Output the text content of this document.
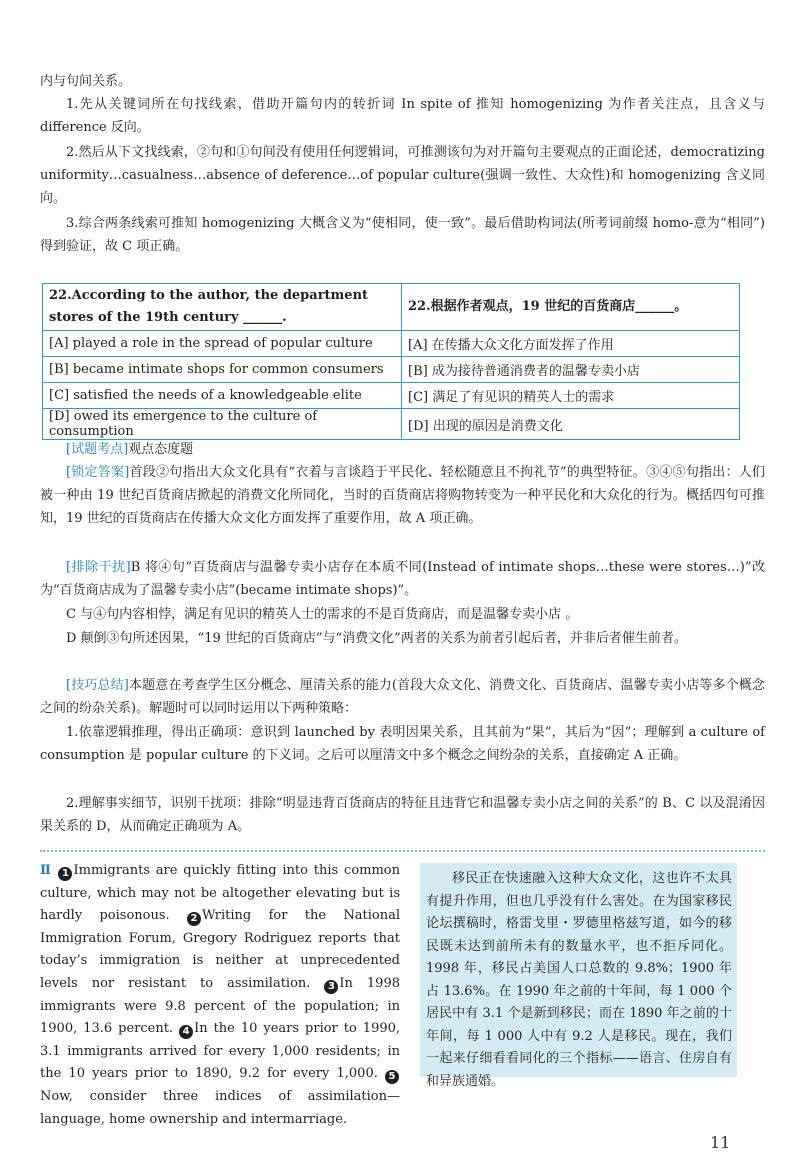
内与句间关系。

1.先从关键词所在句找线索，借助开篇句内的转折词 In spite of 推知 homogenizing 为作者关注点，且含义与 difference 反向。

2.然后从下文找线索，②句和①句间没有使用任何逻辑词，可推测该句为对开篇句主要观点的正面论述，democratizing uniformity…casualness…absence of deference…of popular culture(强调一致性、大众性)和 homogenizing 含义同向。

3.综合两条线索可推知 homogenizing 大概含义为“使相同，使一致”。最后借助构词法(所考词前缀 homo-意为“相同”)得到验证，故 C 项正确。

22.According to the author, the department stores of the 19th century ______.	22.根据作者观点，19 世纪的百货商店______。
[A] played a role in the spread of popular culture	[A] 在传播大众文化方面发挥了作用
[B] became intimate shops for common consumers	[B] 成为接待普通消费者的温馨专卖小店
[C] satisfied the needs of a knowledgeable elite	[C] 满足了有见识的精英人士的需求
[D] owed its emergence to the culture of consumption	[D] 出现的原因是消费文化

[试题考点]观点态度题

[锁定答案]首段②句指出大众文化具有“衣着与言谈趋于平民化、轻松随意且不拘礼节”的典型特征。③④⑤句指出：人们被一种由 19 世纪百货商店掀起的消费文化所同化，当时的百货商店将购物转变为一种平民化和大众化的行为。概括四句可推知，19 世纪的百货商店在传播大众文化方面发挥了重要作用，故 A 项正确。

[排除干扰]B 将④句“百货商店与温馨专卖小店存在本质不同(Instead of intimate shops…these were stores…)”改为“百货商店成为了温馨专卖小店”(became intimate shops)”。

C 与④句内容相悖，满足有见识的精英人士的需求的不是百货商店，而是温馨专卖小店 。

D 颠倒③句所述因果，“19 世纪的百货商店”与“消费文化”两者的关系为前者引起后者，并非后者催生前者。

[技巧总结]本题意在考查学生区分概念、厘清关系的能力(首段大众文化、消费文化、百货商店、温馨专卖小店等多个概念之间的纷杂关系)。解题时可以同时运用以下两种策略：

1.依靠逻辑推理，得出正确项：意识到 launched by 表明因果关系，且其前为“果”，其后为“因”；理解到 a culture of consumption 是 popular culture 的下义词。之后可以厘清文中多个概念之间纷杂的关系，直接确定 A 正确。

2.理解事实细节，识别干扰项：排除“明显违背百货商店的特征且违背它和温馨专卖小店之间的关系”的 B、C 以及混淆因果关系的 D，从而确定正确项为 A。

Ⅱ 1 Immigrants are quickly fitting into this common culture, which may not be altogether elevating but is hardly poisonous. 2 Writing for the National Immigration Forum, Gregory Rodriguez reports that today’s immigration is neither at unprecedented levels nor resistant to assimilation. 3 In 1998 immigrants were 9.8 percent of the population; in 1900, 13.6 percent. 4 In the 10 years prior to 1990, 3.1 immigrants arrived for every 1,000 residents; in the 10 years prior to 1890, 9.2 for every 1,000. 5Now, consider three indices of assimilation—language, home ownership and intermarriage.

移民正在快速融入这种大众文化，这也许不太具有提升作用，但也几乎没有什么害处。在为国家移民论坛撰稿时，格雷戈里・罗德里格兹写道，如今的移民既未达到前所未有的数量水平，也不拒斥同化。1998 年，移民占美国人口总数的 9.8%；1900 年占 13.6%。在 1990 年之前的十年间，每 1 000 个居民中有 3.1 个是新到移民；而在 1890 年之前的十年间，每 1 000 人中有 9.2 人是移民。现在，我们一起来仔细看看同化的三个指标——语言、住房自有和异族通婚。

11
